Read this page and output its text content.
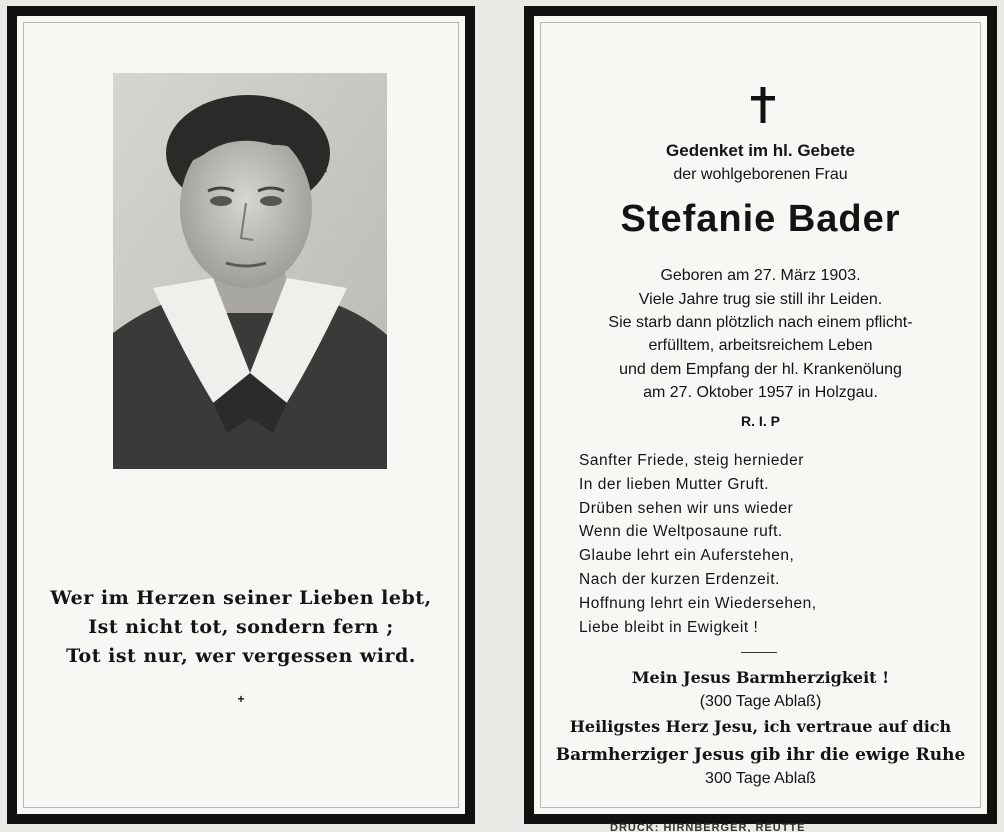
Wer im Herzen seiner Lieben lebt,
Ist nicht tot, sondern fern ;
Tot ist nur, wer vergessen wird.
+
Gedenket im hl. Gebete
der wohlgeborenen Frau
Stefanie Bader
Geboren am 27. März 1903.
Viele Jahre trug sie still ihr Leiden.
Sie starb dann plötzlich nach einem pflicht-
erfülltem, arbeitsreichem Leben
und dem Empfang der hl. Krankenölung
am 27. Oktober 1957 in Holzgau.
R. I. P
Sanfter Friede, steig hernieder
In der lieben Mutter Gruft.
Drüben sehen wir uns wieder
Wenn die Weltposaune ruft.
Glaube lehrt ein Auferstehen,
Nach der kurzen Erdenzeit.
Hoffnung lehrt ein Wiedersehen,
Liebe bleibt in Ewigkeit !
Mein Jesus Barmherzigkeit !
(300 Tage Ablaß)
Heiligstes Herz Jesu, ich vertraue auf dich
Barmherziger Jesus gib ihr die ewige Ruhe
300 Tage Ablaß
DRUCK: HIRNBERGER, REUTTE
